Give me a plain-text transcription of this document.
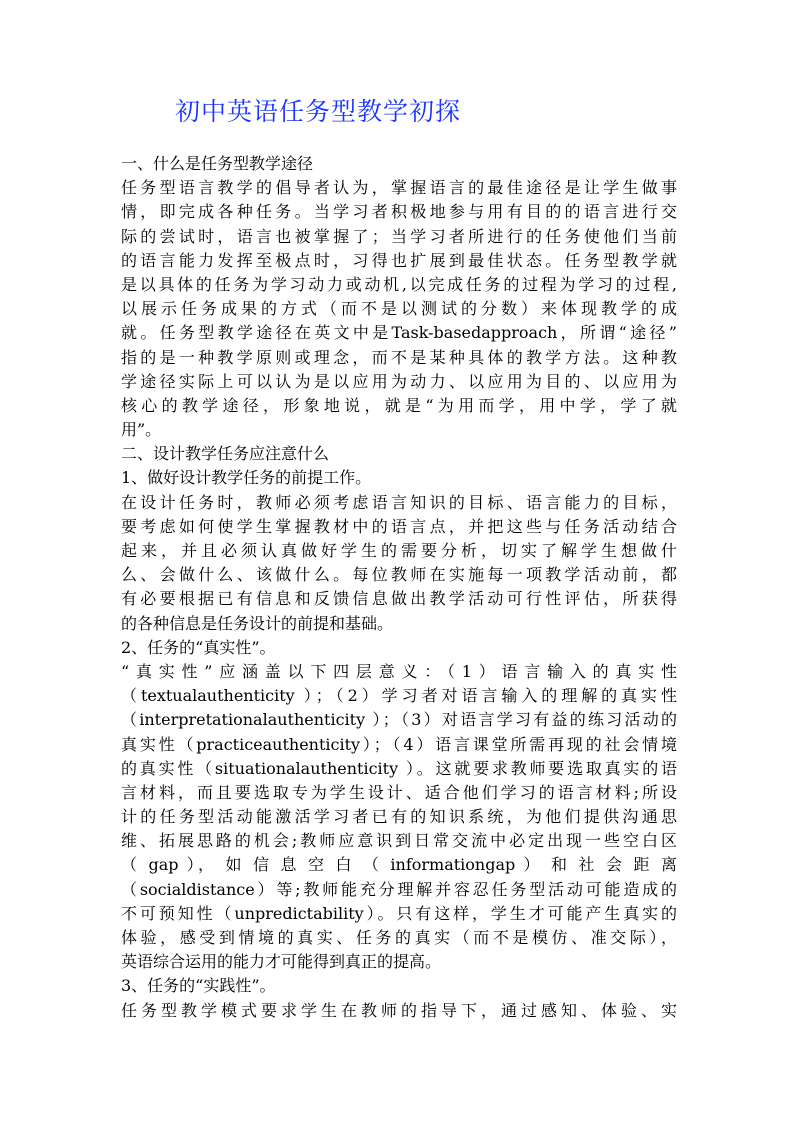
初中英语任务型教学初探
一、什么是任务型教学途径
任务型语言教学的倡导者认为，掌握语言的最佳途径是让学生做事
情，即完成各种任务。当学习者积极地参与用有目的的语言进行交
际的尝试时，语言也被掌握了；当学习者所进行的任务使他们当前
的语言能力发挥至极点时，习得也扩展到最佳状态。任务型教学就
是以具体的任务为学习动力或动机,以完成任务的过程为学习的过程,
以展示任务成果的方式（而不是以测试的分数）来体现教学的成
就。任务型教学途径在英文中是Task-basedapproach，所谓“途径”
指的是一种教学原则或理念，而不是某种具体的教学方法。这种教
学途径实际上可以认为是以应用为动力、以应用为目的、以应用为
核心的教学途径，形象地说，就是“为用而学，用中学，学了就
用”。
二、设计教学任务应注意什么
1、做好设计教学任务的前提工作。
在设计任务时，教师必须考虑语言知识的目标、语言能力的目标，
要考虑如何使学生掌握教材中的语言点，并把这些与任务活动结合
起来，并且必须认真做好学生的需要分析，切实了解学生想做什
么、会做什么、该做什么。每位教师在实施每一项教学活动前，都
有必要根据已有信息和反馈信息做出教学活动可行性评估，所获得
的各种信息是任务设计的前提和基础。
2、任务的“真实性”。
“真实性”应涵盖以下四层意义：（1）语言输入的真实性
（textualauthenticity ）；（2）学习者对语言输入的理解的真实性
（interpretationalauthenticity ）；（3）对语言学习有益的练习活动的
真实性（practiceauthenticity）；（4）语言课堂所需再现的社会情境
的真实性（situationalauthenticity ）。这就要求教师要选取真实的语
言材料，而且要选取专为学生设计、适合他们学习的语言材料;所设
计的任务型活动能激活学习者已有的知识系统，为他们提供沟通思
维、拓展思路的机会;教师应意识到日常交流中必定出现一些空白区
（ gap ）， 如 信 息 空 白 （ informationgap ） 和 社 会 距 离
（socialdistance）等;教师能充分理解并容忍任务型活动可能造成的
不可预知性（unpredictability）。只有这样，学生才可能产生真实的
体验，感受到情境的真实、任务的真实（而不是模仿、准交际），
英语综合运用的能力才可能得到真正的提高。
3、任务的“实践性”。
任务型教学模式要求学生在教师的指导下，通过感知、体验、实
